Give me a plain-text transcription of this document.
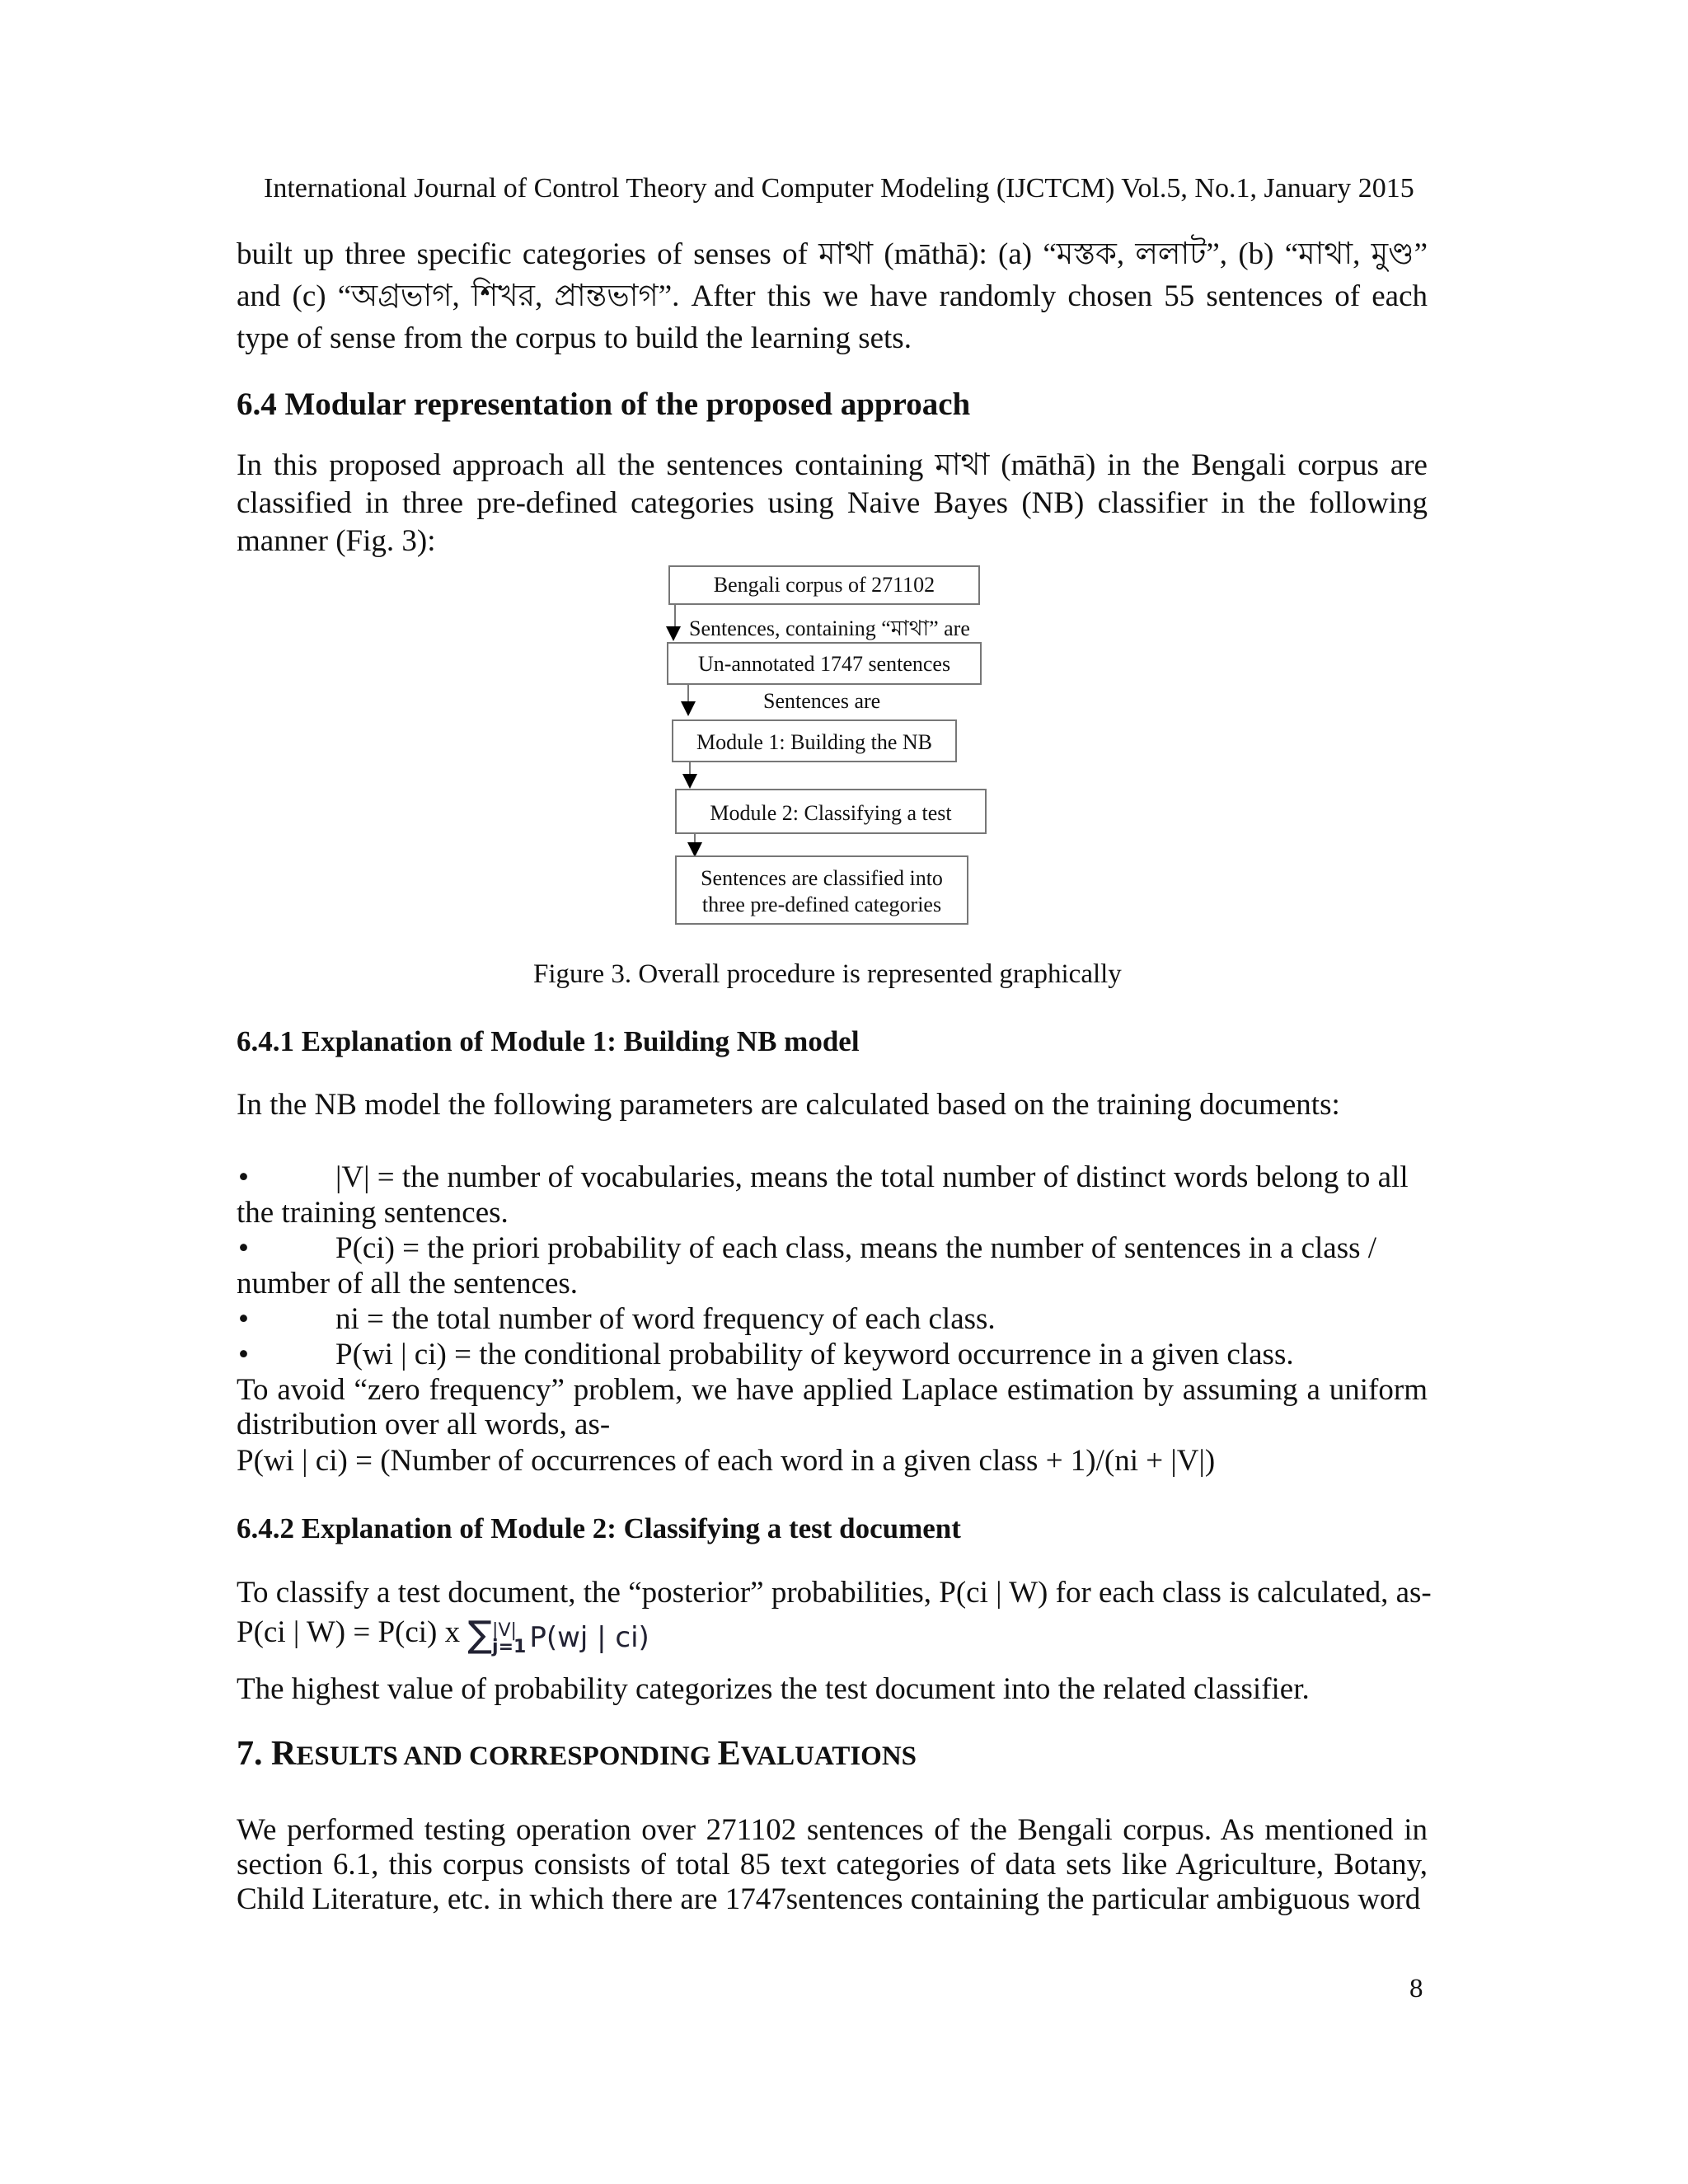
International Journal of Control Theory and Computer Modeling (IJCTCM) Vol.5, No.1, January 2015
built up three specific categories of senses of মাথা (māthā): (a) “মস্তক, ললাট”, (b) “মাথা, মুণ্ড” and (c) “অগ্রভাগ, শিখর, প্রান্তভাগ”. After this we have randomly chosen 55 sentences of each type of sense from the corpus to build the learning sets.
6.4 Modular representation of the proposed approach
In this proposed approach all the sentences containing মাথা (māthā) in the Bengali corpus are classified in three pre-defined categories using Naive Bayes (NB) classifier in the following manner (Fig. 3):
Bengali corpus of 271102
Sentences, containing “মাথা” are
Un-annotated 1747 sentences
Sentences are
Module 1: Building the NB
Module 2: Classifying a test
Sentences are classified into
three pre-defined categories
Figure 3. Overall procedure is represented graphically
6.4.1 Explanation of Module 1: Building NB model
In the NB model the following parameters are calculated based on the training documents:
•	|V| = the number of vocabularies, means the total number of distinct words belong to all
the training sentences.
•	P(ci) = the priori probability of each class, means the number of sentences in a class /
number of all the sentences.
•	ni = the total number of word frequency of each class.
•	P(wi | ci) = the conditional probability of keyword occurrence in a given class.
To avoid “zero frequency” problem, we have applied Laplace estimation by assuming a uniform distribution over all words, as-
P(wi | ci) = (Number of occurrences of each word in a given class + 1)/(ni + |V|)
6.4.2 Explanation of Module 2: Classifying a test document
To classify a test document, the “posterior” probabilities, P(ci | W) for each class is calculated, as-
P(ci | W) = P(ci) x ∑ |V|
j=1 P(wj | ci)
The highest value of probability categorizes the test document into the related classifier.
7. RESULTS AND CORRESPONDING EVALUATIONS
We performed testing operation over 271102 sentences of the Bengali corpus. As mentioned in section 6.1, this corpus consists of total 85 text categories of data sets like Agriculture, Botany, Child Literature, etc. in which there are 1747sentences containing the particular ambiguous word
8
